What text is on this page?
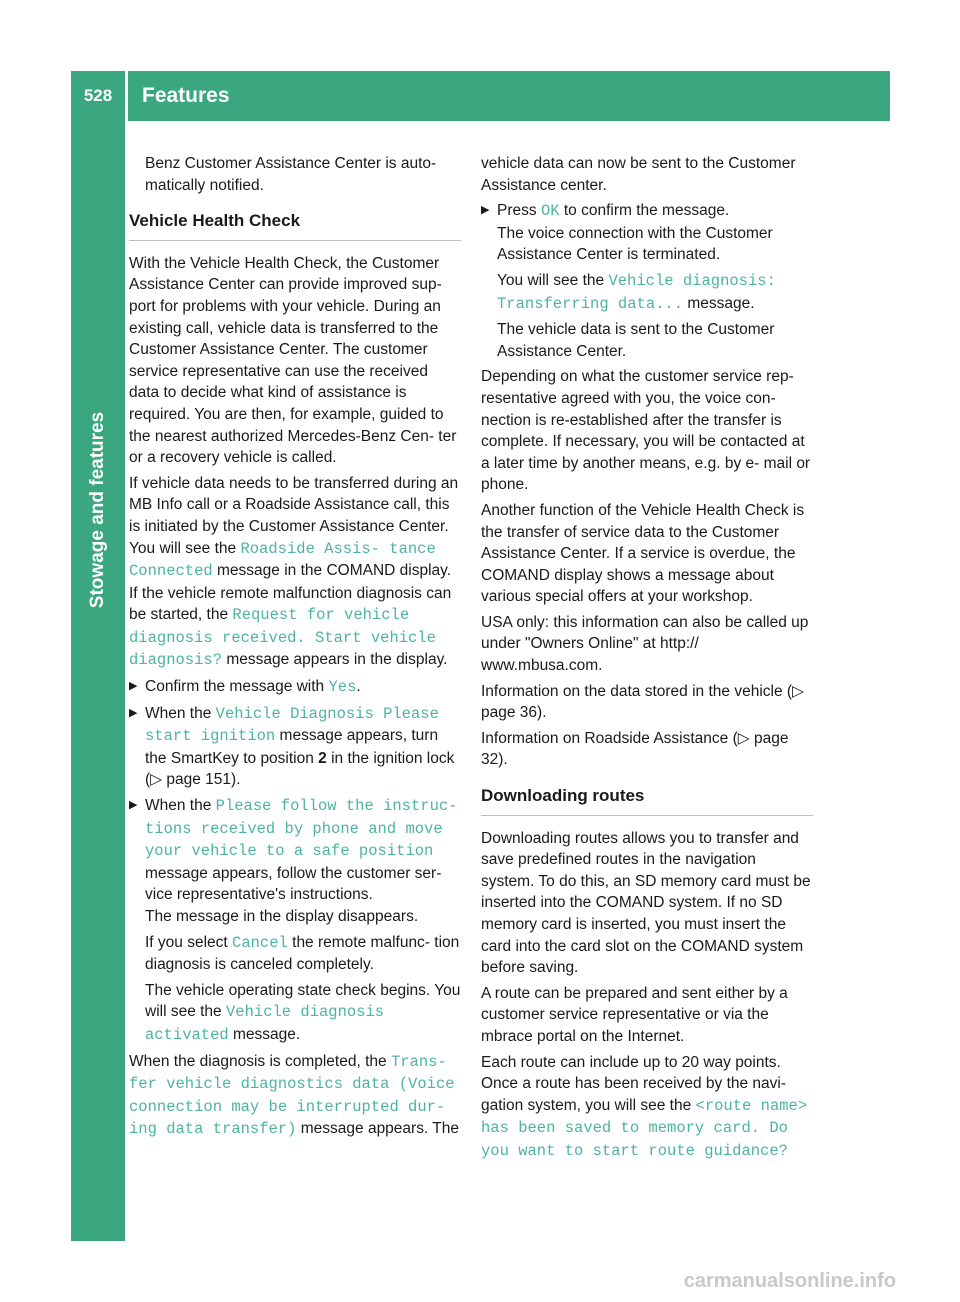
528	Features
Stowage and features

Benz Customer Assistance Center is auto- matically notified.

Vehicle Health Check

With the Vehicle Health Check, the Customer Assistance Center can provide improved sup- port for problems with your vehicle. During an existing call, vehicle data is transferred to the Customer Assistance Center. The customer service representative can use the received data to decide what kind of assistance is required. You are then, for example, guided to the nearest authorized Mercedes-Benz Cen- ter or a recovery vehicle is called.

If vehicle data needs to be transferred during an MB Info call or a Roadside Assistance call, this is initiated by the Customer Assistance Center. You will see the Roadside Assis‐ tance Connected message in the COMAND display. If the vehicle remote malfunction diagnosis can be started, the Request for vehicle diagnosis received. Start vehicle diagnosis? message appears in the display.

▶ Confirm the message with Yes.
▶ When the Vehicle Diagnosis Please start ignition message appears, turn the SmartKey to position 2 in the ignition lock (▷ page 151).
▶ When the Please follow the instruc‐ tions received by phone and move your vehicle to a safe position message appears, follow the customer ser- vice representative's instructions.
The message in the display disappears.

If you select Cancel the remote malfunc- tion diagnosis is canceled completely.

The vehicle operating state check begins. You will see the Vehicle diagnosis activated message.

When the diagnosis is completed, the Trans‐ fer vehicle diagnostics data (Voice connection may be interrupted dur‐ ing data transfer) message appears. The

vehicle data can now be sent to the Customer Assistance center.

▶ Press OK to confirm the message.
The voice connection with the Customer Assistance Center is terminated.

You will see the Vehicle diagnosis: Transferring data... message.

The vehicle data is sent to the Customer Assistance Center.

Depending on what the customer service rep- resentative agreed with you, the voice con- nection is re-established after the transfer is complete. If necessary, you will be contacted at a later time by another means, e.g. by e- mail or phone.

Another function of the Vehicle Health Check is the transfer of service data to the Customer Assistance Center. If a service is overdue, the COMAND display shows a message about various special offers at your workshop.

USA only: this information can also be called up under "Owners Online" at http:// www.mbusa.com.

Information on the data stored in the vehicle (▷ page 36).

Information on Roadside Assistance (▷ page 32).

Downloading routes

Downloading routes allows you to transfer and save predefined routes in the navigation system. To do this, an SD memory card must be inserted into the COMAND system. If no SD memory card is inserted, you must insert the card into the card slot on the COMAND system before saving.

A route can be prepared and sent either by a customer service representative or via the mbrace portal on the Internet.

Each route can include up to 20 way points. Once a route has been received by the navi- gation system, you will see the <route name> has been saved to memory card. Do you want to start route guidance?

carmanualsonline.info
